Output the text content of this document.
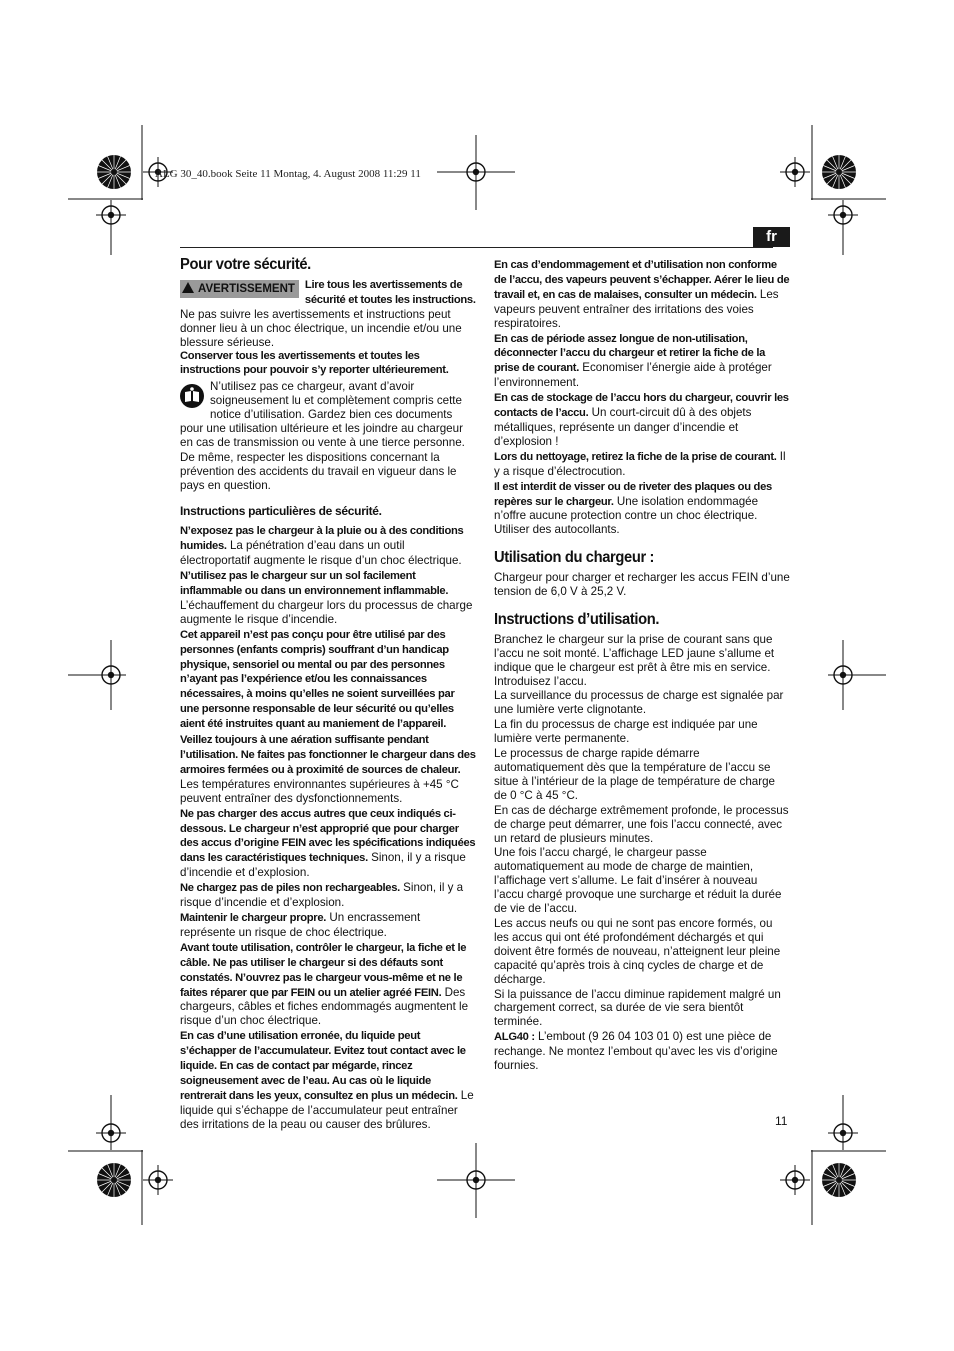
ALG 30_40.book Seite 11 Montag, 4. August 2008 11:29 11
fr
Pour votre sécurité.

AVERTISSEMENT Lire tous les avertissements de sécurité et toutes les instructions. Ne pas suivre les avertissements et instructions peut donner lieu à un choc électrique, un incendie et/ou une blessure sérieuse.

Conserver tous les avertissements et toutes les instructions pour pouvoir s’y reporter ultérieurement.

N’utilisez pas ce chargeur, avant d’avoir soigneusement lu et complètement compris cette notice d’utilisation. Gardez bien ces documents pour une utilisation ultérieure et les joindre au chargeur en cas de transmission ou vente à une tierce personne.

De même, respecter les dispositions concernant la prévention des accidents du travail en vigueur dans le pays en question.

Instructions particulières de sécurité.

N’exposez pas le chargeur à la pluie ou à des conditions humides. La pénétration d’eau dans un outil électroportatif augmente le risque d’un choc électrique.

N’utilisez pas le chargeur sur un sol facilement inflammable ou dans un environnement inflammable. L’échauffement du chargeur lors du processus de charge augmente le risque d’incendie.

Cet appareil n’est pas conçu pour être utilisé par des personnes (enfants compris) souffrant d’un handicap physique, sensoriel ou mental ou par des personnes n’ayant pas l’expérience et/ou les connaissances nécessaires, à moins qu’elles ne soient surveillées par une personne responsable de leur sécurité ou qu’elles aient été instruites quant au maniement de l’appareil.

Veillez toujours à une aération suffisante pendant l’utilisation. Ne faites pas fonctionner le chargeur dans des armoires fermées ou à proximité de sources de chaleur. Les températures environnantes supérieures à +45 °C peuvent entraîner des dysfonctionnements.

Ne pas charger des accus autres que ceux indiqués ci-dessous. Le chargeur n’est approprié que pour charger des accus d’origine FEIN avec les spécifications indiquées dans les caractéristiques techniques. Sinon, il y a risque d’incendie et d’explosion.

Ne chargez pas de piles non rechargeables. Sinon, il y a risque d’incendie et d’explosion.

Maintenir le chargeur propre. Un encrassement représente un risque de choc électrique.

Avant toute utilisation, contrôler le chargeur, la fiche et le câble. Ne pas utiliser le chargeur si des défauts sont constatés. N’ouvrez pas le chargeur vous-même et ne le faites réparer que par FEIN ou un atelier agréé FEIN. Des chargeurs, câbles et fiches endommagés augmentent le risque d’un choc électrique.

En cas d’une utilisation erronée, du liquide peut s’échapper de l’accumulateur. Evitez tout contact avec le liquide. En cas de contact par mégarde, rincez soigneusement avec de l’eau. Au cas où le liquide rentrerait dans les yeux, consultez en plus un médecin. Le liquide qui s’échappe de l’accumulateur peut entraîner des irritations de la peau ou causer des brûlures.

En cas d’endommagement et d’utilisation non conforme de l’accu, des vapeurs peuvent s’échapper. Aérer le lieu de travail et, en cas de malaises, consulter un médecin. Les vapeurs peuvent entraîner des irritations des voies respiratoires.

En cas de période assez longue de non-utilisation, déconnecter l’accu du chargeur et retirer la fiche de la prise de courant. Economiser l’énergie aide à protéger l’environnement.

En cas de stockage de l’accu hors du chargeur, couvrir les contacts de l’accu. Un court-circuit dû à des objets métalliques, représente un danger d’incendie et d’explosion !

Lors du nettoyage, retirez la fiche de la prise de courant. Il y a risque d’électrocution.

Il est interdit de visser ou de riveter des plaques ou des repères sur le chargeur. Une isolation endommagée n’offre aucune protection contre un choc électrique. Utiliser des autocollants.

Utilisation du chargeur :

Chargeur pour charger et recharger les accus FEIN d’une tension de 6,0 V à 25,2 V.

Instructions d’utilisation.

Branchez le chargeur sur la prise de courant sans que l’accu ne soit monté. L’affichage LED jaune s’allume et indique que le chargeur est prêt à être mis en service. Introduisez l’accu.

La surveillance du processus de charge est signalée par une lumière verte clignotante.

La fin du processus de charge est indiquée par une lumière verte permanente.

Le processus de charge rapide démarre automatiquement dès que la température de l’accu se situe à l’intérieur de la plage de température de charge de 0 °C à 45 °C.

En cas de décharge extrêmement profonde, le processus de charge peut démarrer, une fois l’accu connecté, avec un retard de plusieurs minutes.

Une fois l’accu chargé, le chargeur passe automatiquement au mode de charge de maintien, l’affichage vert s’allume. Le fait d’insérer à nouveau l’accu chargé provoque une surcharge et réduit la durée de vie de l’accu.

Les accus neufs ou qui ne sont pas encore formés, ou les accus qui ont été profondément déchargés et qui doivent être formés de nouveau, n’atteignent leur pleine capacité qu’après trois à cinq cycles de charge et de décharge.

Si la puissance de l’accu diminue rapidement malgré un chargement correct, sa durée de vie sera bientôt terminée.

ALG40 : L’embout (9 26 04 103 01 0) est une pièce de rechange. Ne montez l’embout qu’avec les vis d’origine fournies.

11
